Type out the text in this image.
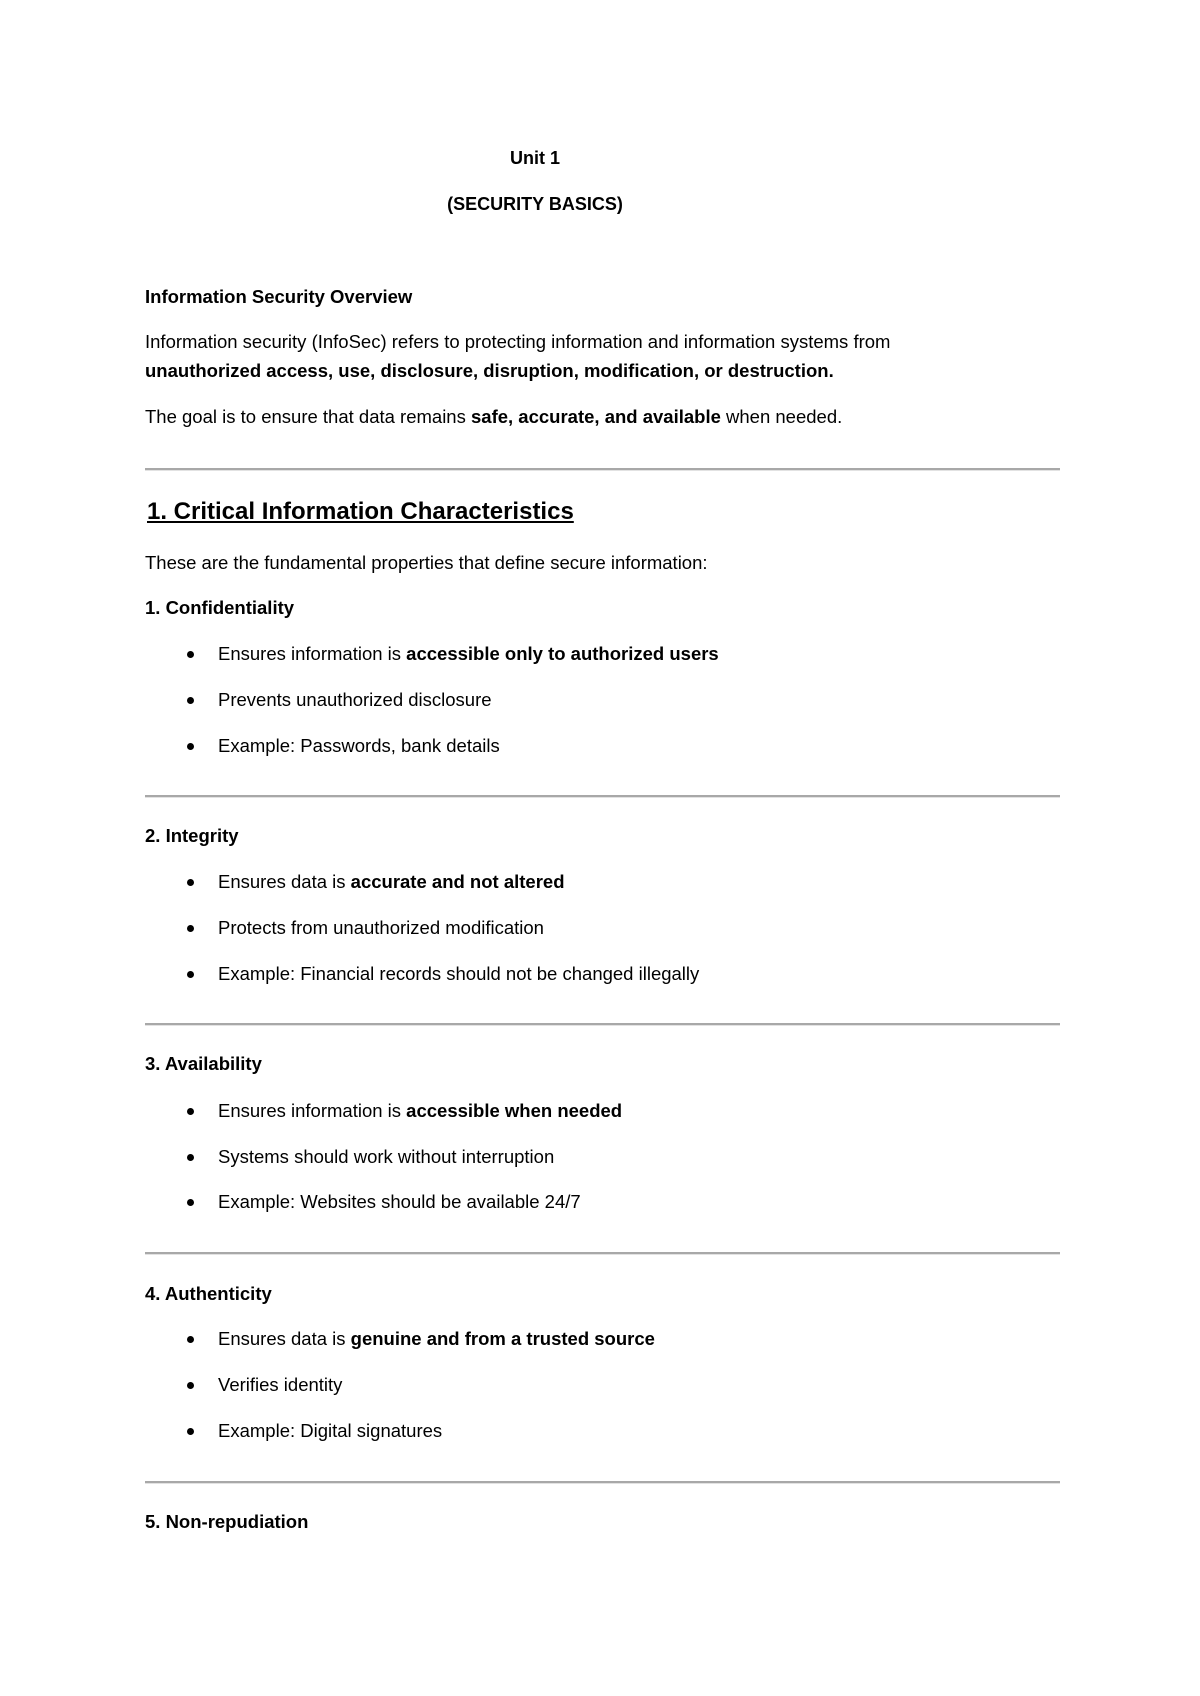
Unit 1
(SECURITY BASICS)
Information Security Overview
Information security (InfoSec) refers to protecting information and information systems from
unauthorized access, use, disclosure, disruption, modification, or destruction.
The goal is to ensure that data remains safe, accurate, and available when needed.
1. Critical Information Characteristics
These are the fundamental properties that define secure information:
1. Confidentiality
Ensures information is accessible only to authorized users
Prevents unauthorized disclosure
Example: Passwords, bank details
2. Integrity
Ensures data is accurate and not altered
Protects from unauthorized modification
Example: Financial records should not be changed illegally
3. Availability
Ensures information is accessible when needed
Systems should work without interruption
Example: Websites should be available 24/7
4. Authenticity
Ensures data is genuine and from a trusted source
Verifies identity
Example: Digital signatures
5. Non-repudiation
